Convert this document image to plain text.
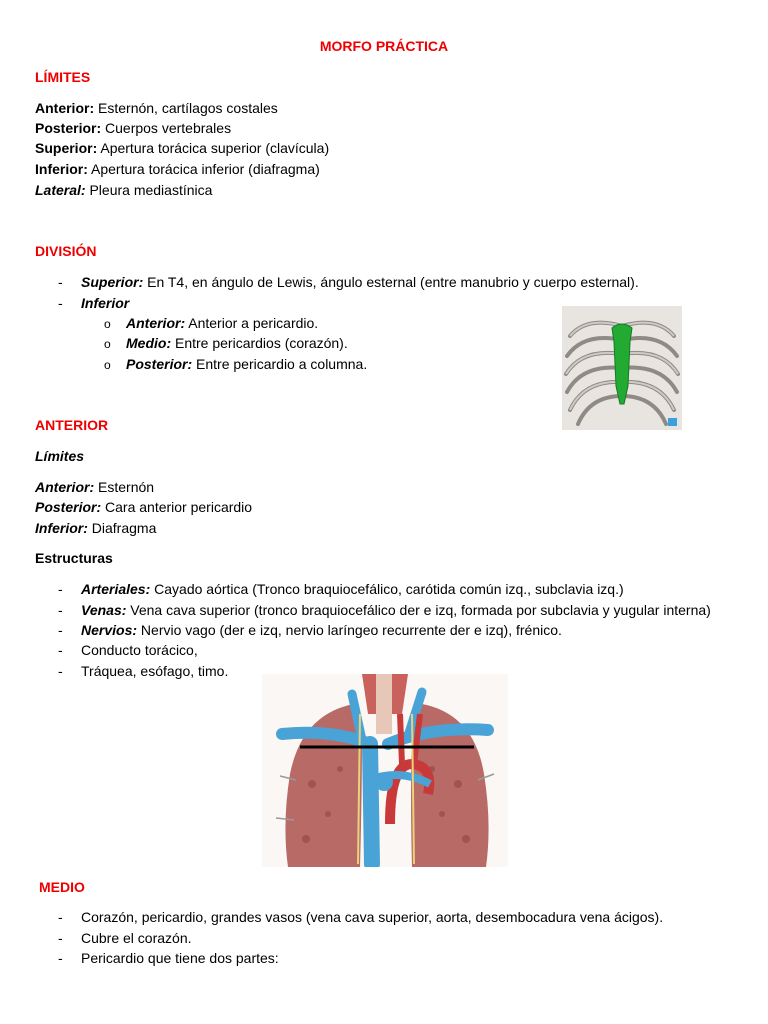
MORFO PRÁCTICA
LÍMITES
Anterior: Esternón, cartílagos costales
Posterior: Cuerpos vertebrales
Superior: Apertura torácica superior (clavícula)
Inferior: Apertura torácica inferior (diafragma)
Lateral: Pleura mediastínica
DIVISIÓN
- Superior: En T4, en ángulo de Lewis, ángulo esternal (entre manubrio y cuerpo esternal).
- Inferior
o Anterior: Anterior a pericardio.
o Medio: Entre pericardios (corazón).
o Posterior: Entre pericardio a columna.
ANTERIOR
Límites
Anterior: Esternón
Posterior: Cara anterior pericardio
Inferior: Diafragma
Estructuras
- Arteriales: Cayado aórtica (Tronco braquiocefálico, carótida común izq., subclavia izq.)
- Venas: Vena cava superior (tronco braquiocefálico der e izq, formada por subclavia y yugular interna)
- Nervios: Nervio vago (der e izq, nervio laríngeo recurrente der e izq), frénico.
- Conducto torácico,
- Tráquea, esófago, timo.
MEDIO
- Corazón, pericardio, grandes vasos (vena cava superior, aorta, desembocadura vena ácigos).
- Cubre el corazón.
- Pericardio que tiene dos partes:
